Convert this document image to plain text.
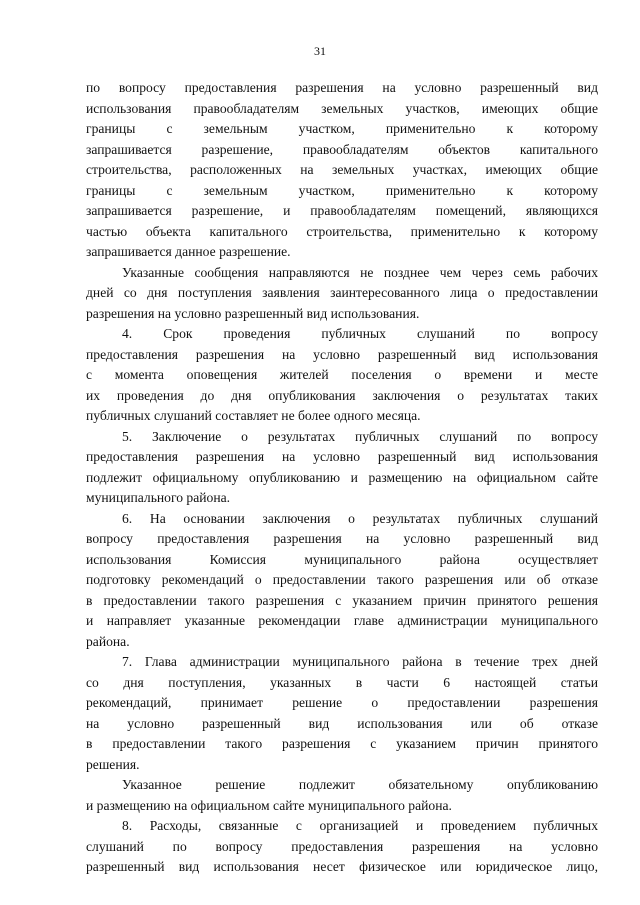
31
по вопросу предоставления разрешения на условно разрешенный вид
использования правообладателям земельных участков, имеющих общие
границы с земельным участком, применительно к которому
запрашивается разрешение, правообладателям объектов капитального
строительства, расположенных на земельных участках, имеющих общие
границы с земельным участком, применительно к которому
запрашивается разрешение, и правообладателям помещений, являющихся
частью объекта капитального строительства, применительно к которому
запрашивается данное разрешение.
Указанные сообщения направляются не позднее чем через семь рабочих
дней со дня поступления заявления заинтересованного лица о предоставлении
разрешения на условно разрешенный вид использования.
4. Срок проведения публичных слушаний по вопросу
предоставления разрешения на условно разрешенный вид использования
с момента оповещения жителей поселения о времени и месте
их проведения до дня опубликования заключения о результатах таких
публичных слушаний составляет не более одного месяца.
5. Заключение о результатах публичных слушаний по вопросу
предоставления разрешения на условно разрешенный вид использования
подлежит официальному опубликованию и размещению на официальном сайте
муниципального района.
6. На основании заключения о результатах публичных слушаний
вопросу предоставления разрешения на условно разрешенный вид
использования Комиссия муниципального района осуществляет
подготовку рекомендаций о предоставлении такого разрешения или об отказе
в предоставлении такого разрешения с указанием причин принятого решения
и направляет указанные рекомендации главе администрации муниципального
района.
7. Глава администрации муниципального района в течение трех дней
со дня поступления, указанных в части 6 настоящей статьи
рекомендаций, принимает решение о предоставлении разрешения
на условно разрешенный вид использования или об отказе
в предоставлении такого разрешения с указанием причин принятого
решения.
Указанное решение подлежит обязательному опубликованию
и размещению на официальном сайте муниципального района.
8. Расходы, связанные с организацией и проведением публичных
слушаний по вопросу предоставления разрешения на условно
разрешенный вид использования несет физическое или юридическое лицо,
